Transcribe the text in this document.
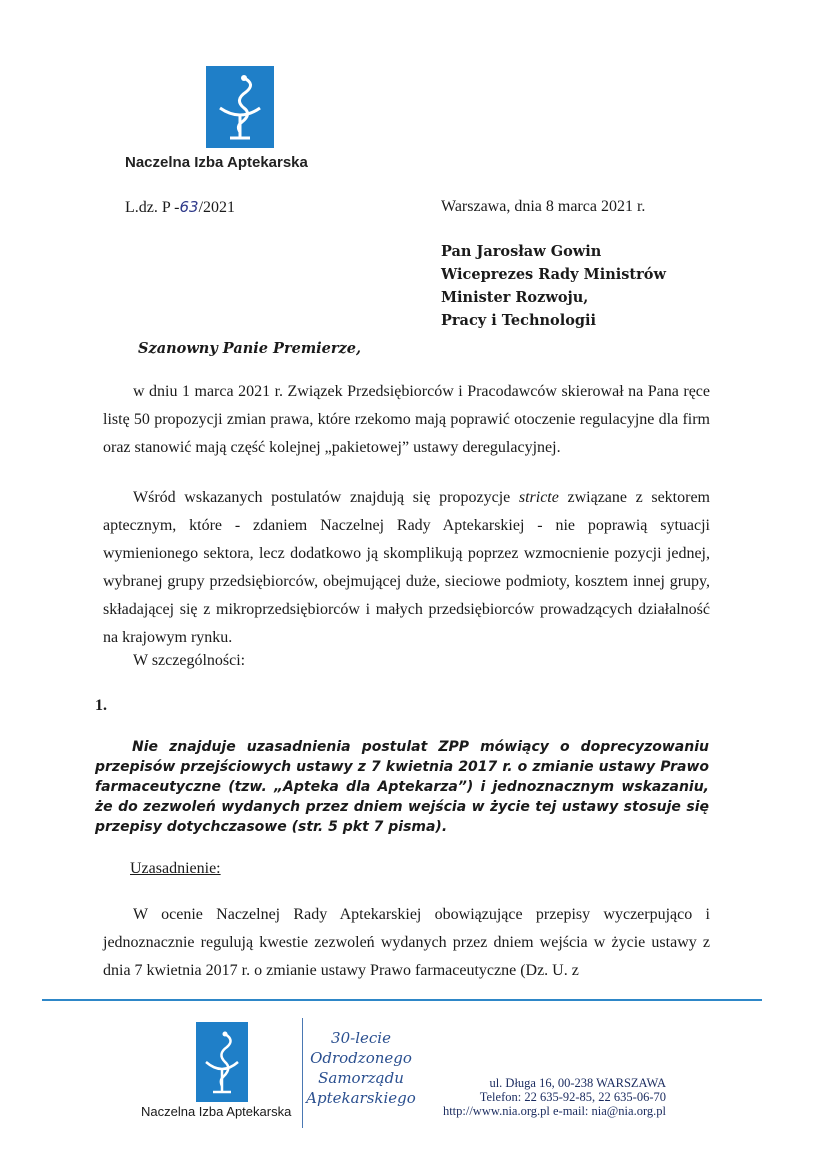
Naczelna Izba Aptekarska
L.dz. P -63/2021	Warszawa, dnia 8 marca 2021 r.
Pan Jarosław Gowin
Wiceprezes Rady Ministrów
Minister Rozwoju,
Pracy i Technologii
Szanowny Panie Premierze,
w dniu 1 marca 2021 r. Związek Przedsiębiorców i Pracodawców skierował na Pana ręce listę 50 propozycji zmian prawa, które rzekomo mają poprawić otoczenie regulacyjne dla firm oraz stanowić mają część kolejnej „pakietowej” ustawy deregulacyjnej.
Wśród wskazanych postulatów znajdują się propozycje stricte związane z sektorem aptecznym, które - zdaniem Naczelnej Rady Aptekarskiej - nie poprawią sytuacji wymienionego sektora, lecz dodatkowo ją skomplikują poprzez wzmocnienie pozycji jednej, wybranej grupy przedsiębiorców, obejmującej duże, sieciowe podmioty, kosztem innej grupy, składającej się z mikroprzedsiębiorców i małych przedsiębiorców prowadzących działalność na krajowym rynku.
W szczególności:
1.
Nie znajduje uzasadnienia postulat ZPP mówiący o doprecyzowaniu przepisów przejściowych ustawy z 7 kwietnia 2017 r. o zmianie ustawy Prawo farmaceutyczne (tzw. „Apteka dla Aptekarza”) i jednoznacznym wskazaniu, że do zezwoleń wydanych przez dniem wejścia w życie tej ustawy stosuje się przepisy dotychczasowe (str. 5 pkt 7 pisma).
Uzasadnienie:
W ocenie Naczelnej Rady Aptekarskiej obowiązujące przepisy wyczerpująco i jednoznacznie regulują kwestie zezwoleń wydanych przez dniem wejścia w życie ustawy z dnia 7 kwietnia 2017 r. o zmianie ustawy Prawo farmaceutyczne (Dz. U. z
Naczelna Izba Aptekarska
30-lecie
Odrodzonego
Samorządu
Aptekarskiego
ul. Długa 16, 00-238 WARSZAWA
Telefon: 22 635-92-85, 22 635-06-70
http://www.nia.org.pl e-mail: nia@nia.org.pl
